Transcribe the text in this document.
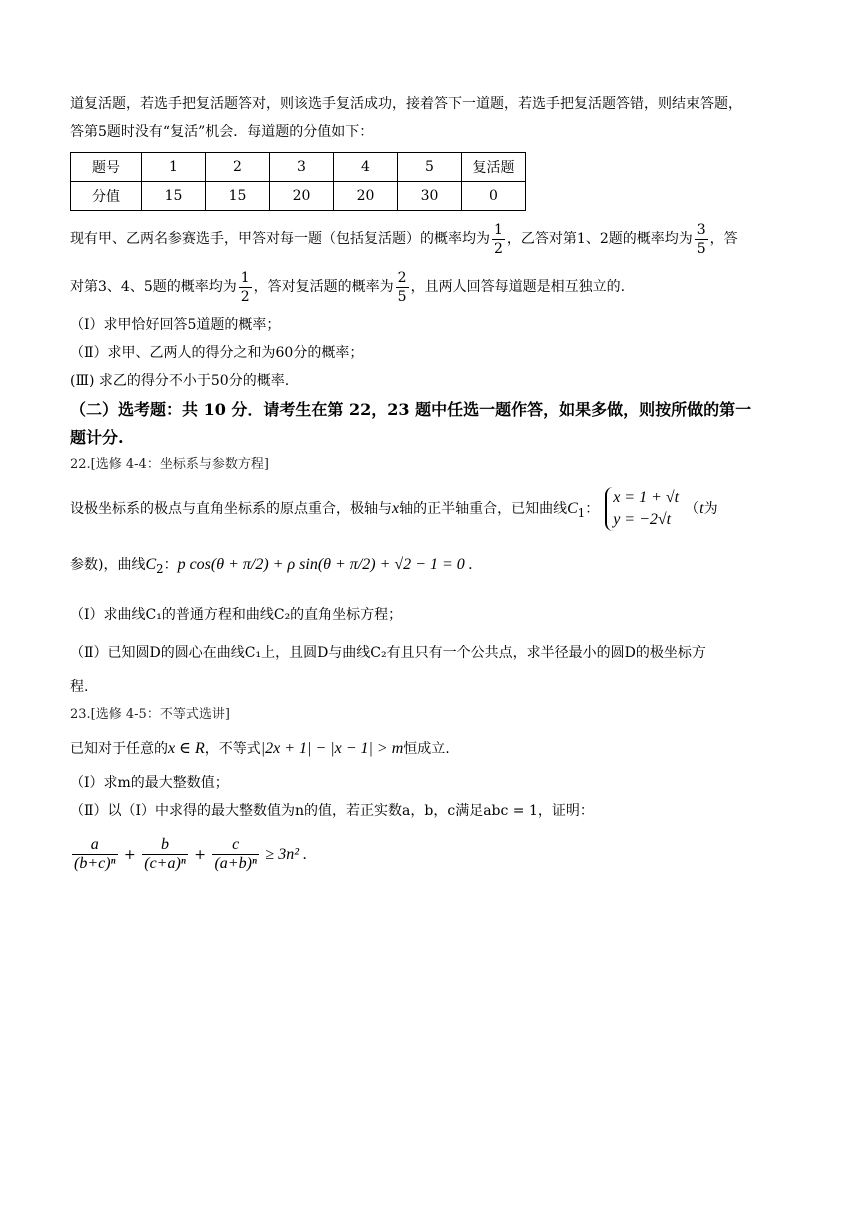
道复活题，若选手把复活题答对，则该选手复活成功，接着答下一道题，若选手把复活题答错，则结束答题，

答第5题时没有“复活”机会．每道题的分值如下：

题号	1	2	3	4	5	复活题
分值	15	15	20	20	30	0

现有甲、乙两名参赛选手，甲答对每一题（包括复活题）的概率均为 $\frac{1}{2}$ ，乙答对第1、2题的概率均为 $\frac{3}{5}$ ，答

对第3、4、5题的概率均为 $\frac{1}{2}$ ，答对复活题的概率为 $\frac{2}{5}$ ，且两人回答每道题是相互独立的.

（Ⅰ）求甲恰好回答5道题的概率；

（Ⅱ）求甲、乙两人的得分之和为60分的概率；

(Ⅲ) 求乙的得分不小于50分的概率.

（二）选考题：共 10 分．请考生在第 22，23 题中任选一题作答，如果多做，则按所做的第一

题计分.

22.[选修 4-4：坐标系与参数方程]

设极坐标系的极点与直角坐标系的原点重合，极轴与x轴的正半轴重合，已知曲线$C_1$：
x = 1 + √t
y = −2√t
（t为

参数)，曲线$C_2$：p cos(θ + π/2) + ρ sin(θ + π/2) + √2 − 1 = 0 .

（Ⅰ）求曲线C₁的普通方程和曲线C₂的直角坐标方程；

（Ⅱ）已知圆D的圆心在曲线C₁上，且圆D与曲线C₂有且只有一个公共点，求半径最小的圆D的极坐标方

程.

23.[选修 4-5：不等式选讲]

已知对于任意的x ∈ R，不等式|2x + 1| − |x − 1| > m恒成立.

（Ⅰ）求m的最大整数值；

（Ⅱ）以（Ⅰ）中求得的最大整数值为n的值，若正实数a，b，c满足abc = 1，证明：

$\frac{a}{\text{(b+c)ⁿ}} + \frac{b}{\text{(c+a)ⁿ}} + \frac{c}{\text{(a+b)ⁿ}} \ge 3n^2$ .
